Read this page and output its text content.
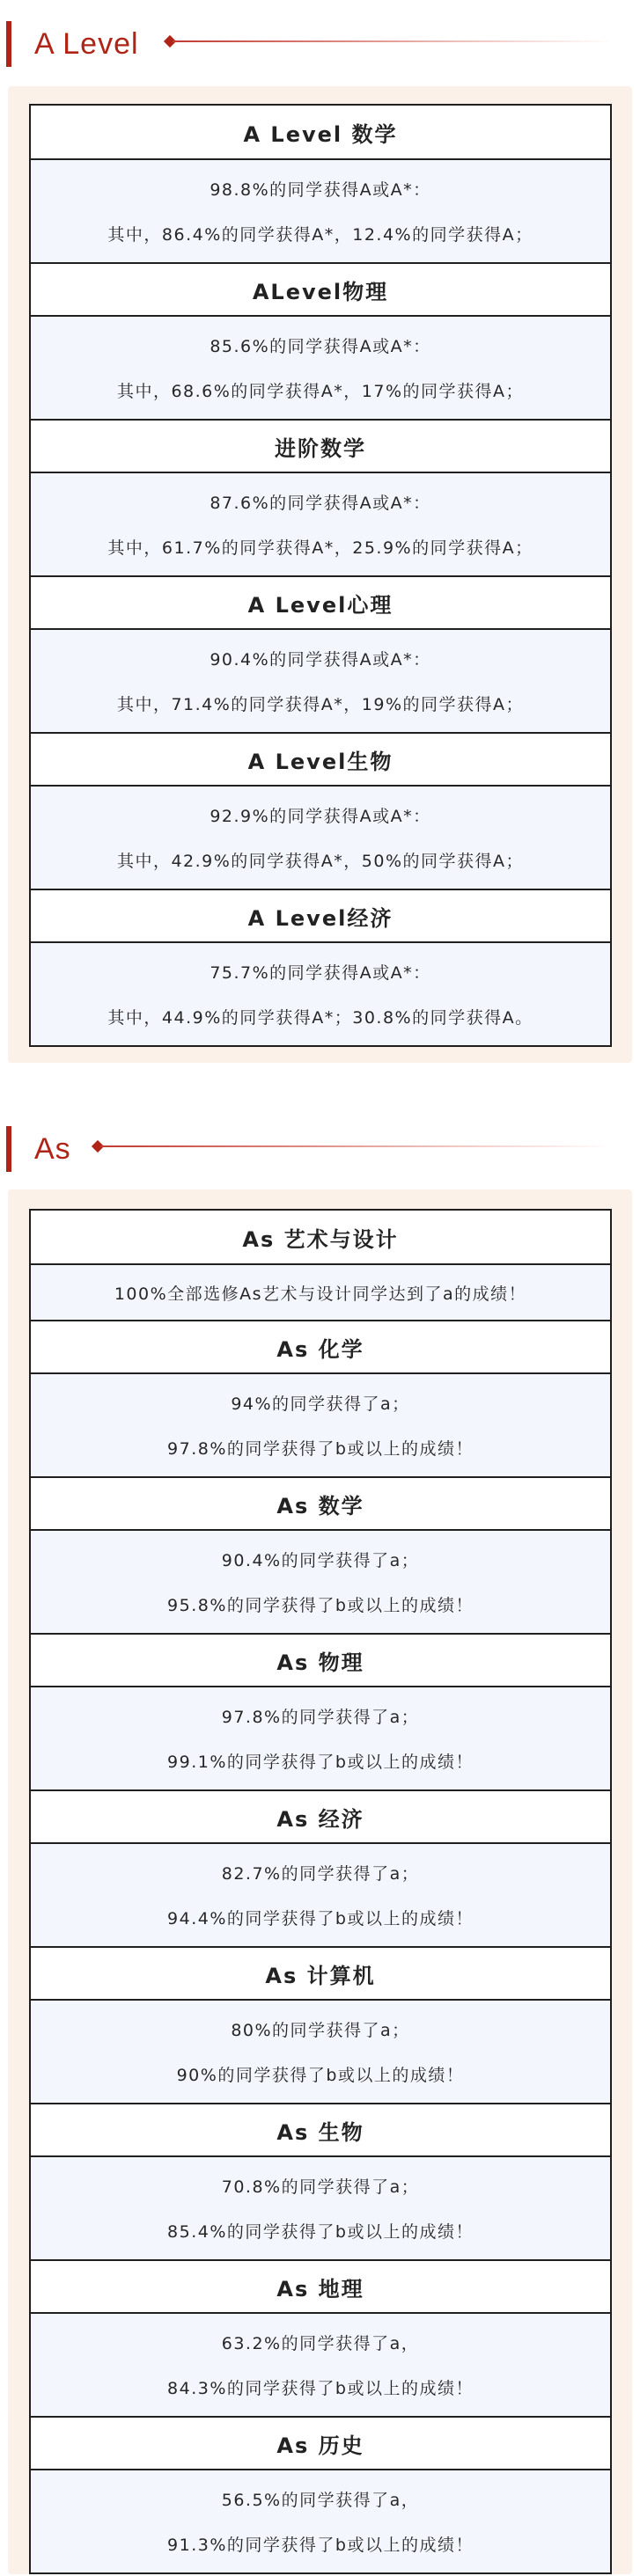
A Level
A Level 数学
98.8%的同学获得A或A*：
其中，86.4%的同学获得A*，12.4%的同学获得A；
ALevel物理
85.6%的同学获得A或A*：
其中，68.6%的同学获得A*，17%的同学获得A；
进阶数学
87.6%的同学获得A或A*：
其中，61.7%的同学获得A*，25.9%的同学获得A；
A Level心理
90.4%的同学获得A或A*：
其中，71.4%的同学获得A*，19%的同学获得A；
A Level生物
92.9%的同学获得A或A*：
其中，42.9%的同学获得A*，50%的同学获得A；
A Level经济
75.7%的同学获得A或A*：
其中，44.9%的同学获得A*；30.8%的同学获得A。
As
As 艺术与设计
100%全部选修As艺术与设计同学达到了a的成绩！
As 化学
94%的同学获得了a；
97.8%的同学获得了b或以上的成绩！
As 数学
90.4%的同学获得了a；
95.8%的同学获得了b或以上的成绩！
As 物理
97.8%的同学获得了a；
99.1%的同学获得了b或以上的成绩！
As 经济
82.7%的同学获得了a；
94.4%的同学获得了b或以上的成绩！
As 计算机
80%的同学获得了a；
90%的同学获得了b或以上的成绩！
As 生物
70.8%的同学获得了a；
85.4%的同学获得了b或以上的成绩！
As 地理
63.2%的同学获得了a，
84.3%的同学获得了b或以上的成绩！
As 历史
56.5%的同学获得了a，
91.3%的同学获得了b或以上的成绩！
